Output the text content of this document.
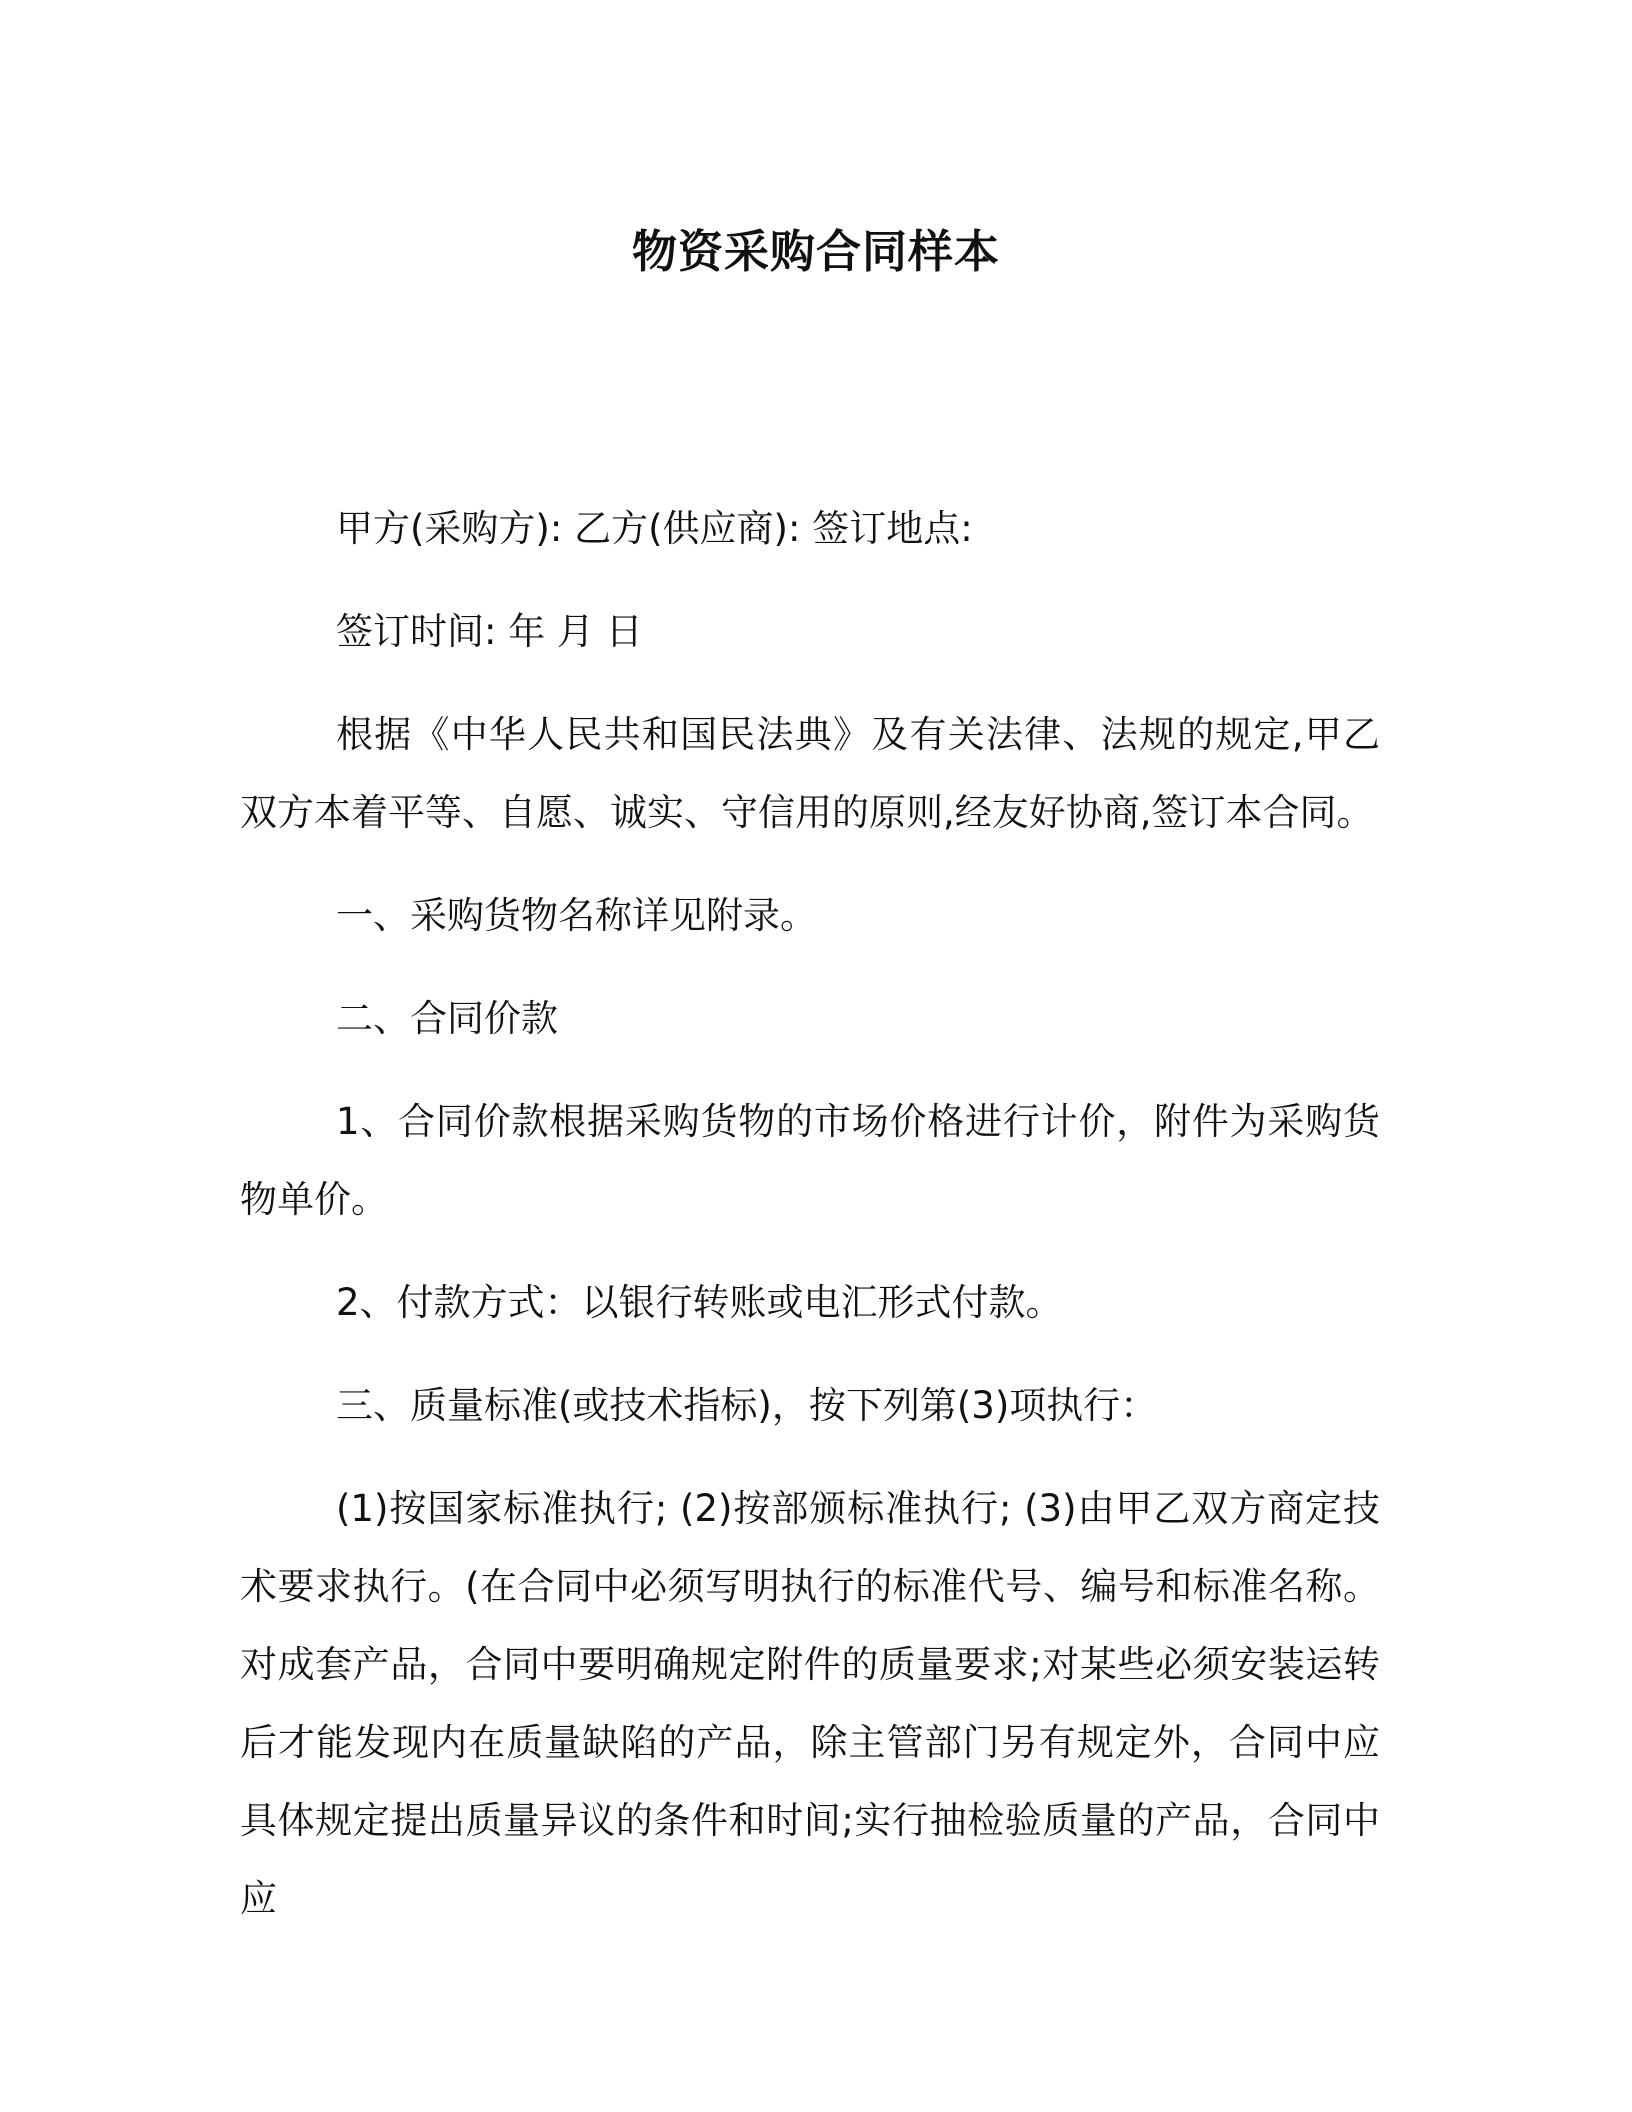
物资采购合同样本

甲方(采购方): 乙方(供应商): 签订地点:

签订时间: 年 月 日

根据《中华人民共和国民法典》及有关法律、法规的规定,甲乙双方本着平等、自愿、诚实、守信用的原则,经友好协商,签订本合同。

一、采购货物名称详见附录。

二、合同价款

1、合同价款根据采购货物的市场价格进行计价，附件为采购货物单价。

2、付款方式：以银行转账或电汇形式付款。

三、质量标准(或技术指标)，按下列第(3)项执行：

(1)按国家标准执行; (2)按部颁标准执行; (3)由甲乙双方商定技术要求执行。(在合同中必须写明执行的标准代号、编号和标准名称。对成套产品，合同中要明确规定附件的质量要求;对某些必须安装运转后才能发现内在质量缺陷的产品，除主管部门另有规定外，合同中应具体规定提出质量异议的条件和时间;实行抽检验质量的产品，合同中应
